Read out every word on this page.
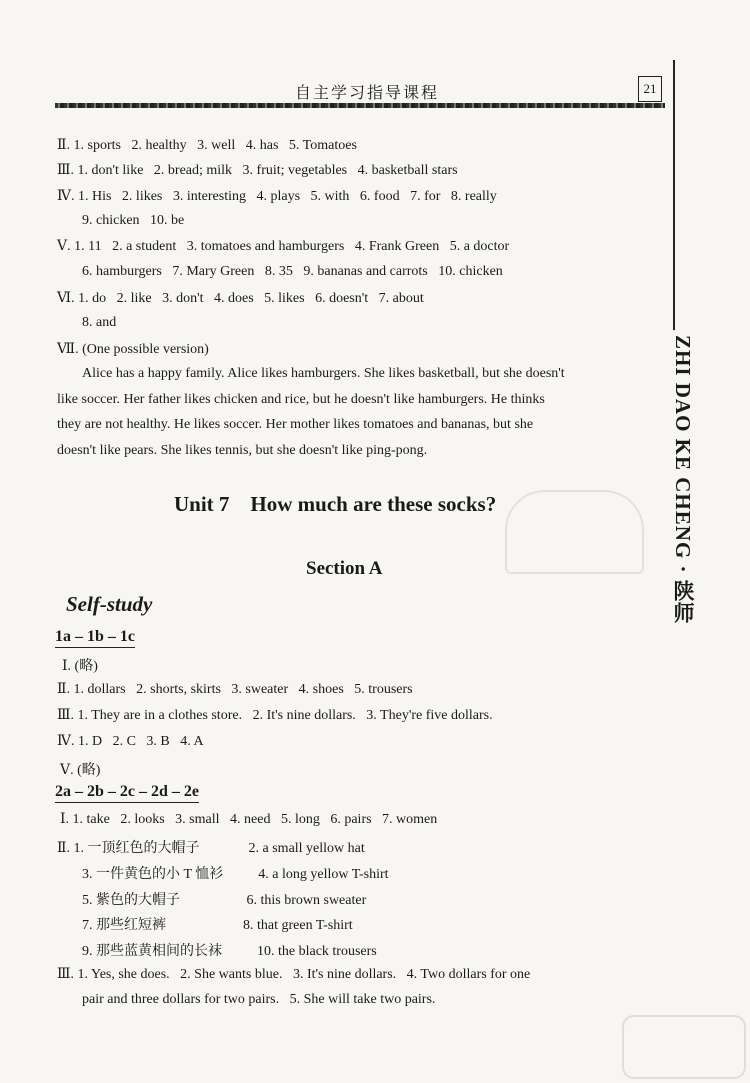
自主学习指导课程	21
ZHI DAO KE CHENG · 陕师
Ⅱ. 1. sports   2. healthy   3. well   4. has   5. Tomatoes
Ⅲ. 1. don't like   2. bread; milk   3. fruit; vegetables   4. basketball stars
Ⅳ. 1. His   2. likes   3. interesting   4. plays   5. with   6. food   7. for   8. really
9. chicken   10. be
Ⅴ. 1. 11   2. a student   3. tomatoes and hamburgers   4. Frank Green   5. a doctor
6. hamburgers   7. Mary Green   8. 35   9. bananas and carrots   10. chicken
Ⅵ. 1. do   2. like   3. don't   4. does   5. likes   6. doesn't   7. about
8. and
Ⅶ. (One possible version)
Alice has a happy family. Alice likes hamburgers. She likes basketball, but she doesn't
like soccer. Her father likes chicken and rice, but he doesn't like hamburgers. He thinks
they are not healthy. He likes soccer. Her mother likes tomatoes and bananas, but she
doesn't like pears. She likes tennis, but she doesn't like ping-pong.
Unit 7    How much are these socks?
Section A
Self-study
1a – 1b – 1c
Ⅰ. (略)
Ⅱ. 1. dollars   2. shorts, skirts   3. sweater   4. shoes   5. trousers
Ⅲ. 1. They are in a clothes store.   2. It's nine dollars.   3. They're five dollars.
Ⅳ. 1. D   2. C   3. B   4. A
Ⅴ. (略)
2a – 2b – 2c – 2d – 2e
Ⅰ. 1. take   2. looks   3. small   4. need   5. long   6. pairs   7. women
Ⅱ. 1. 一顶红色的大帽子              2. a small yellow hat
3. 一件黄色的小 T 恤衫          4. a long yellow T-shirt
5. 紫色的大帽子                   6. this brown sweater
7. 那些红短裤                      8. that green T-shirt
9. 那些蓝黄相间的长袜          10. the black trousers
Ⅲ. 1. Yes, she does.   2. She wants blue.   3. It's nine dollars.   4. Two dollars for one
pair and three dollars for two pairs.   5. She will take two pairs.
